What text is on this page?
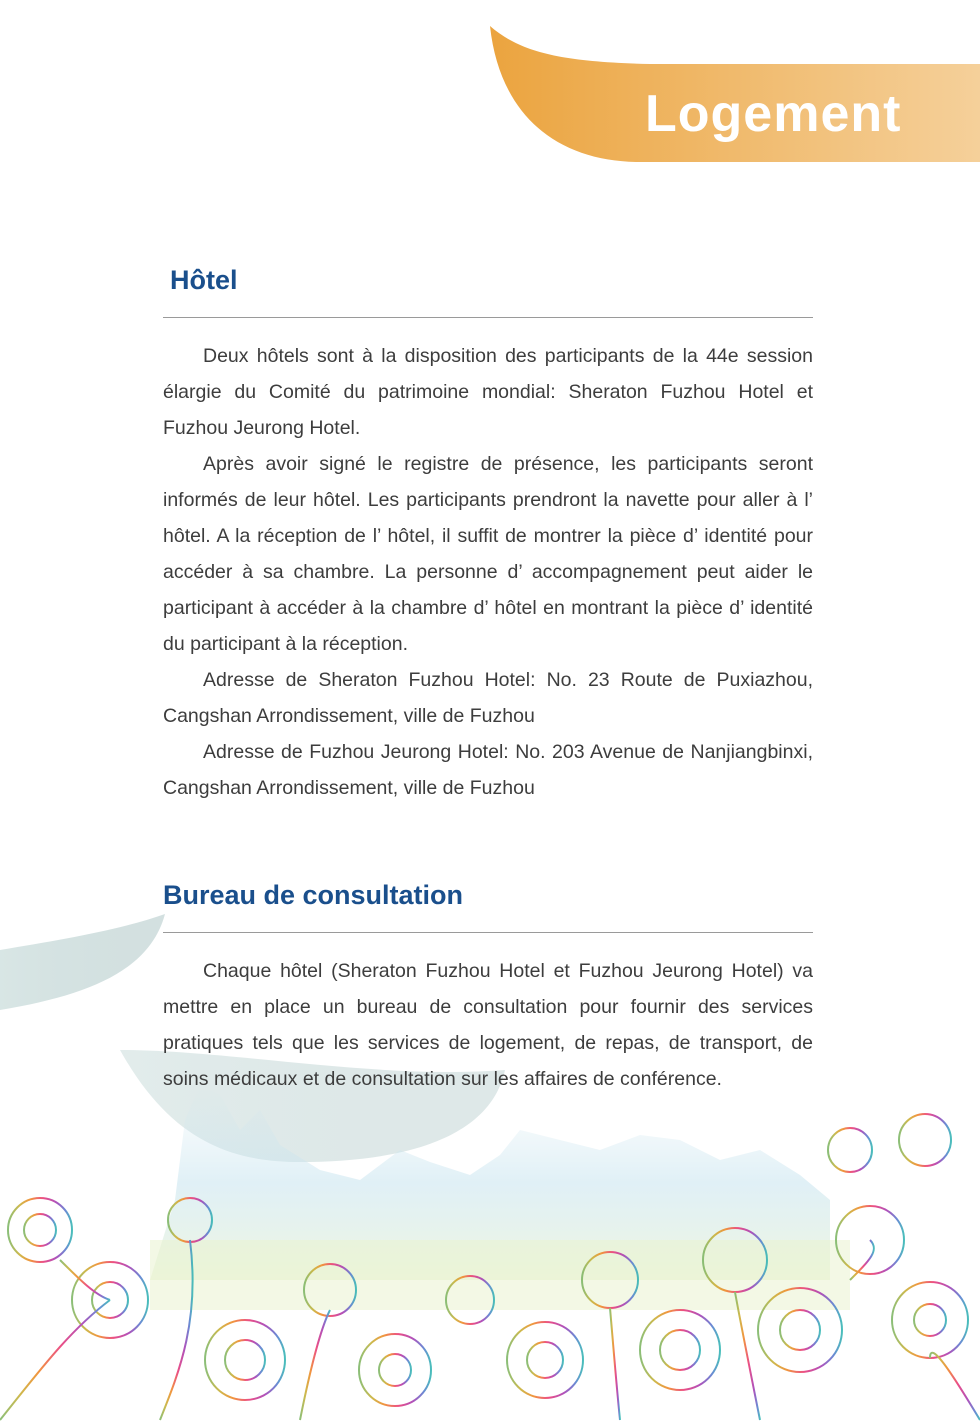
Logement
Hôtel

Deux hôtels sont à la disposition des participants de la 44e session élargie du Comité du patrimoine mondial: Sheraton Fuzhou Hotel et Fuzhou Jeurong Hotel.

Après avoir signé le registre de présence, les participants seront informés de leur hôtel. Les participants prendront la navette pour aller à l’ hôtel. A la réception de l’ hôtel, il suffit de montrer la pièce d’ identité pour accéder à sa chambre. La personne d’ accompagnement peut aider le participant à accéder à la chambre d’ hôtel en montrant la pièce d’ identité du participant à la réception.

Adresse de Sheraton Fuzhou Hotel: No. 23 Route de Puxiazhou, Cangshan Arrondissement, ville de Fuzhou

Adresse de Fuzhou Jeurong Hotel: No. 203 Avenue de Nanjiangbinxi, Cangshan Arrondissement, ville de Fuzhou

Bureau de consultation

Chaque hôtel (Sheraton Fuzhou Hotel et Fuzhou Jeurong Hotel) va mettre en place un bureau de consultation pour fournir des services pratiques tels que les services de logement, de repas, de transport, de soins médicaux et de consultation sur les affaires de conférence.
